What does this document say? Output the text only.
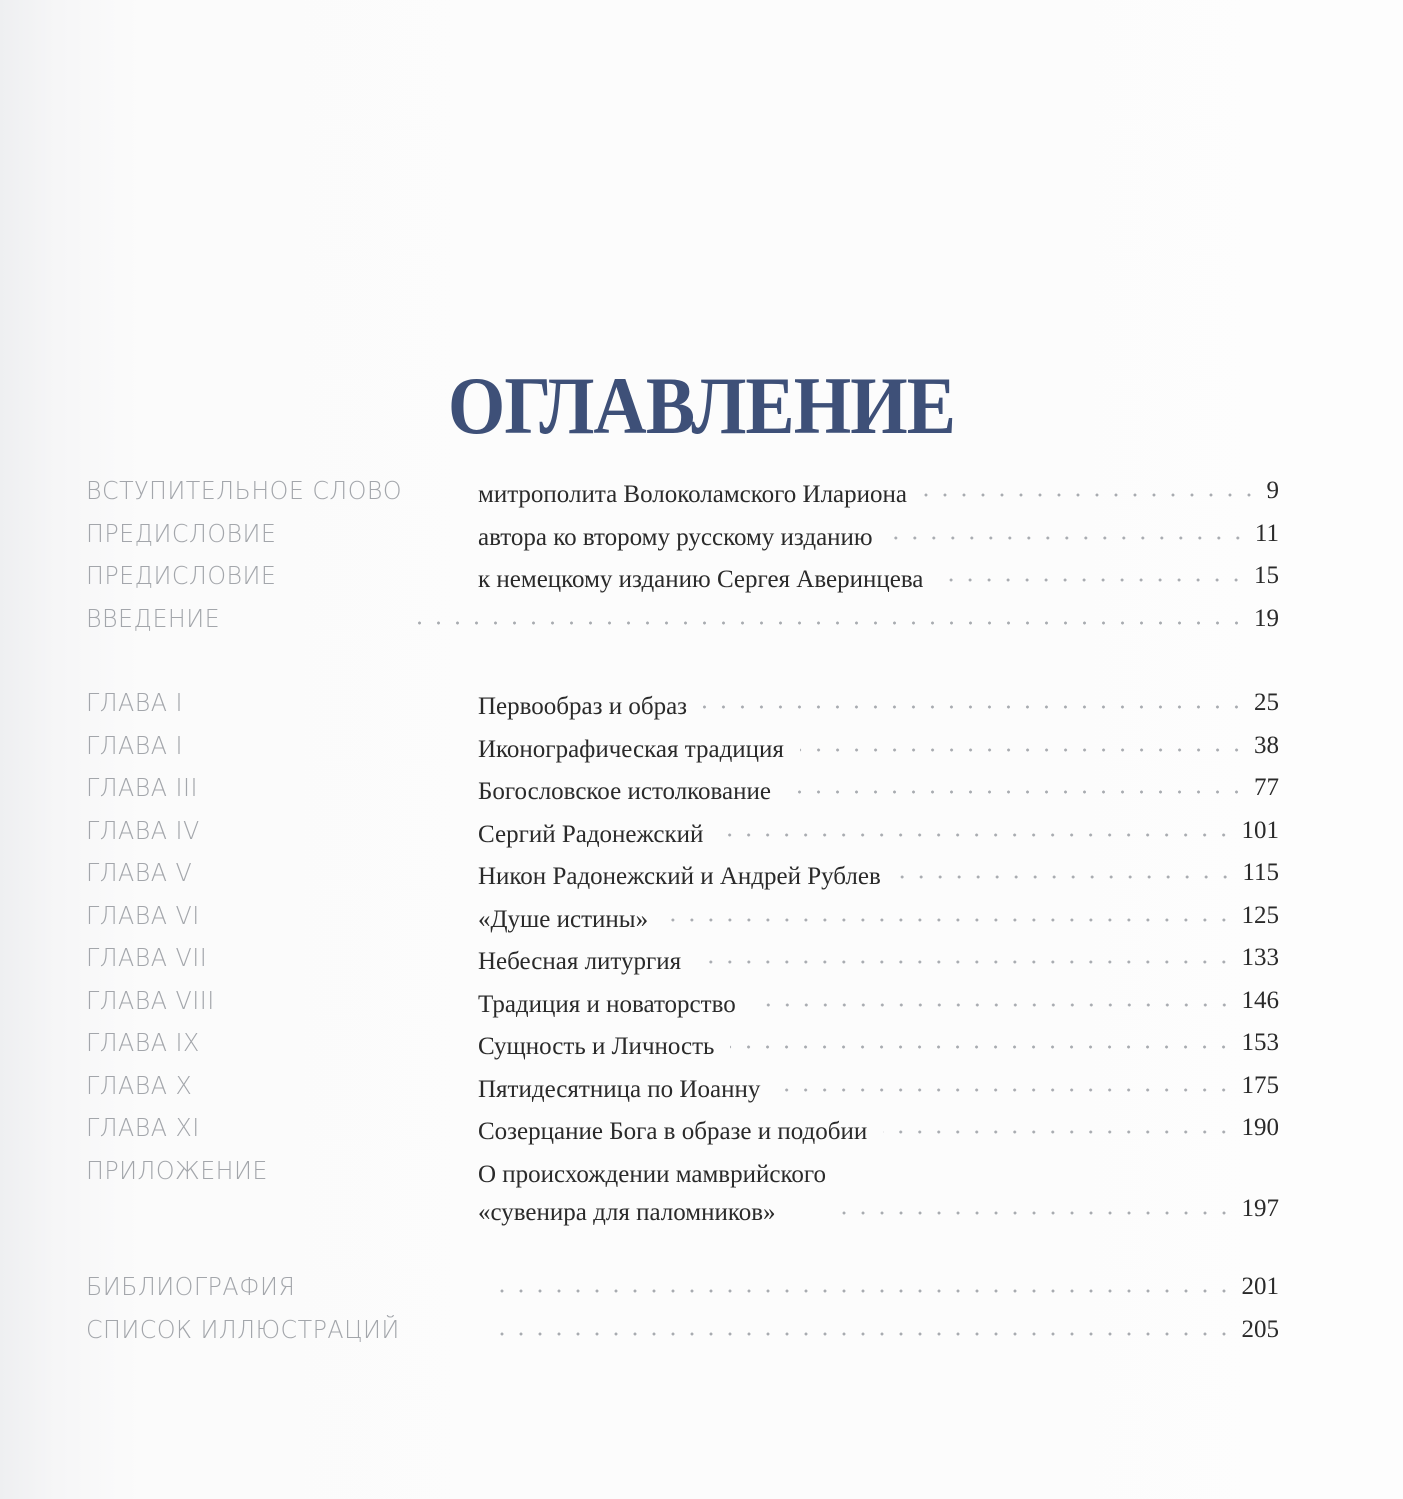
ОГЛАВЛЕНИЕ
ВСТУПИТЕЛЬНОЕ СЛОВО	митрополита Волоколамского Илариона	9
ПРЕДИСЛОВИЕ	автора ко второму русскому изданию	11
ПРЕДИСЛОВИЕ	к немецкому изданию Сергея Аверинцева	15
ВВЕДЕНИЕ	19
ГЛАВА I	Первообраз и образ	25
ГЛАВА I	Иконографическая традиция	38
ГЛАВА III	Богословское истолкование	77
ГЛАВА IV	Сергий Радонежский	101
ГЛАВА V	Никон Радонежский и Андрей Рублев	115
ГЛАВА VI	«Душе истины»	125
ГЛАВА VII	Небесная литургия	133
ГЛАВА VIII	Традиция и новаторство	146
ГЛАВА IX	Сущность и Личность	153
ГЛАВА X	Пятидесятница по Иоанну	175
ГЛАВА XI	Созерцание Бога в образе и подобии	190
ПРИЛОЖЕНИЕ	О происхождении мамврийского
«сувенира для паломников»	197
БИБЛИОГРАФИЯ	201
СПИСОК ИЛЛЮСТРАЦИЙ	205
